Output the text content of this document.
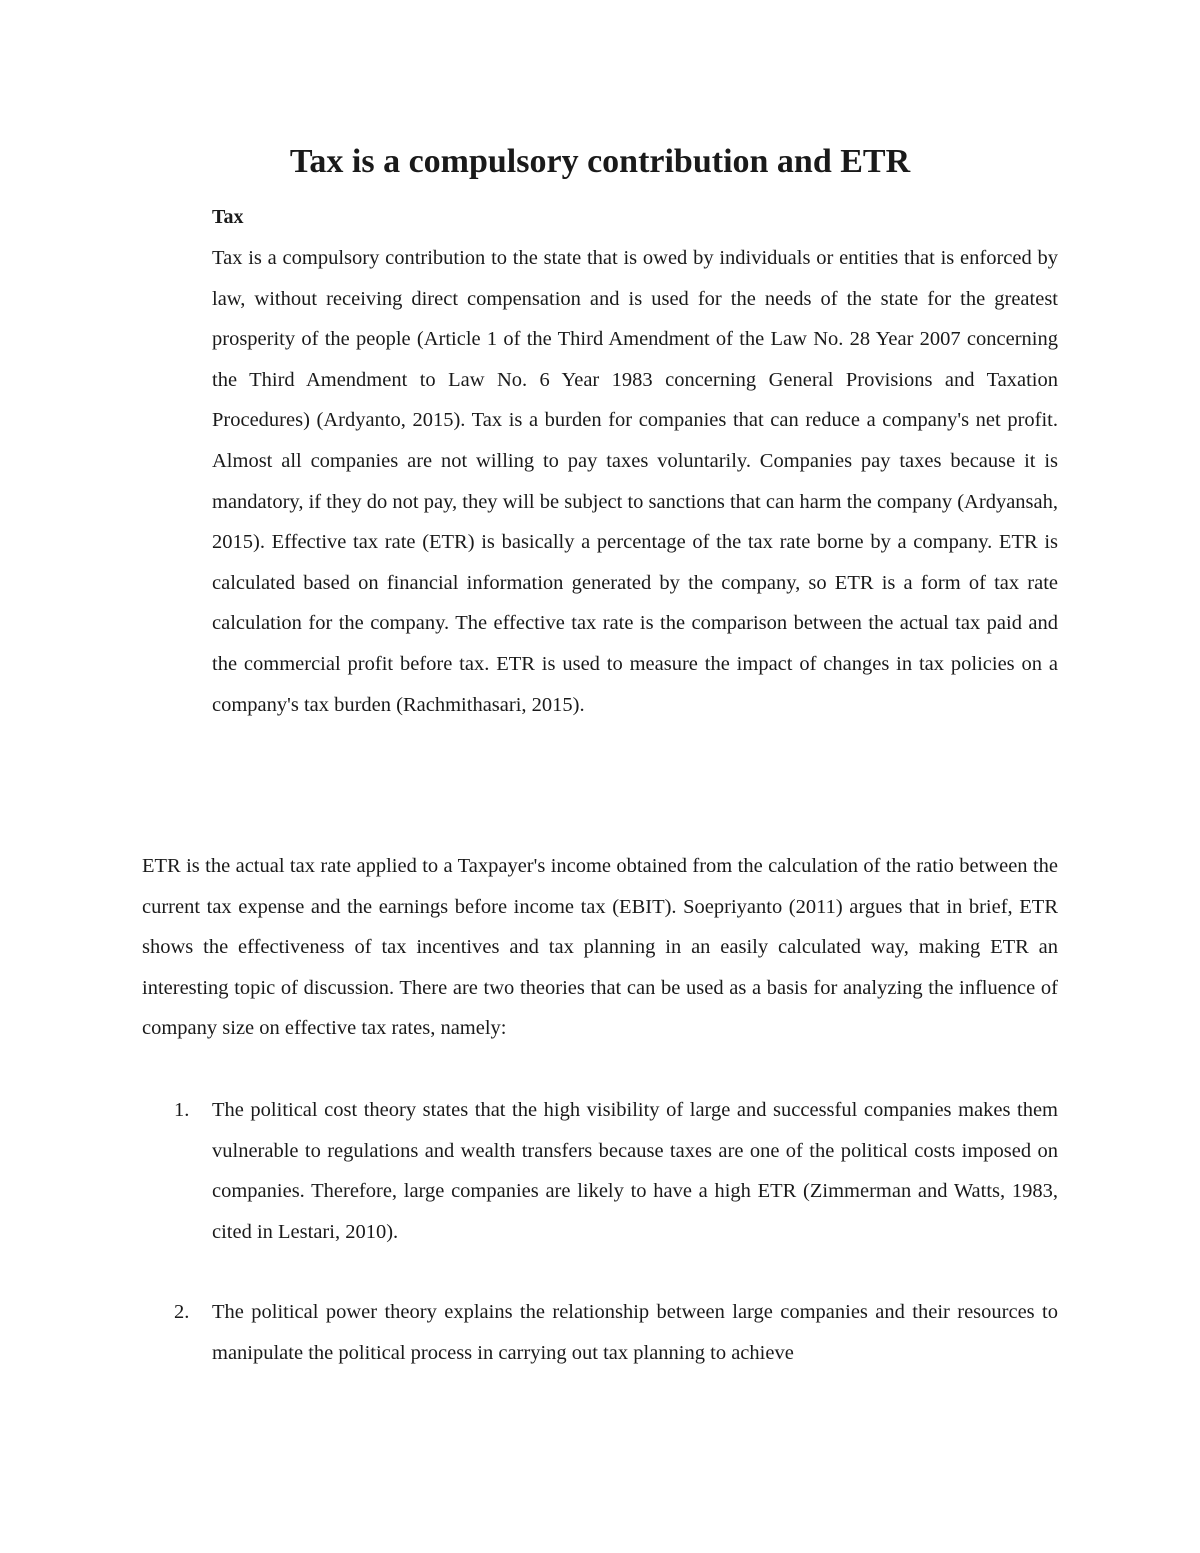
Tax is a compulsory contribution and ETR
Tax

Tax is a compulsory contribution to the state that is owed by individuals or entities that is enforced by law, without receiving direct compensation and is used for the needs of the state for the greatest prosperity of the people (Article 1 of the Third Amendment of the Law No. 28 Year 2007 concerning the Third Amendment to Law No. 6 Year 1983 concerning General Provisions and Taxation Procedures) (Ardyanto, 2015). Tax is a burden for companies that can reduce a company's net profit. Almost all companies are not willing to pay taxes voluntarily. Companies pay taxes because it is mandatory, if they do not pay, they will be subject to sanctions that can harm the company (Ardyansah, 2015). Effective tax rate (ETR) is basically a percentage of the tax rate borne by a company. ETR is calculated based on financial information generated by the company, so ETR is a form of tax rate calculation for the company. The effective tax rate is the comparison between the actual tax paid and the commercial profit before tax. ETR is used to measure the impact of changes in tax policies on a company's tax burden (Rachmithasari, 2015).

ETR is the actual tax rate applied to a Taxpayer's income obtained from the calculation of the ratio between the current tax expense and the earnings before income tax (EBIT). Soepriyanto (2011) argues that in brief, ETR shows the effectiveness of tax incentives and tax planning in an easily calculated way, making ETR an interesting topic of discussion. There are two theories that can be used as a basis for analyzing the influence of company size on effective tax rates, namely:

1. The political cost theory states that the high visibility of large and successful companies makes them vulnerable to regulations and wealth transfers because taxes are one of the political costs imposed on companies. Therefore, large companies are likely to have a high ETR (Zimmerman and Watts, 1983, cited in Lestari, 2010).

2. The political power theory explains the relationship between large companies and their resources to manipulate the political process in carrying out tax planning to achieve
